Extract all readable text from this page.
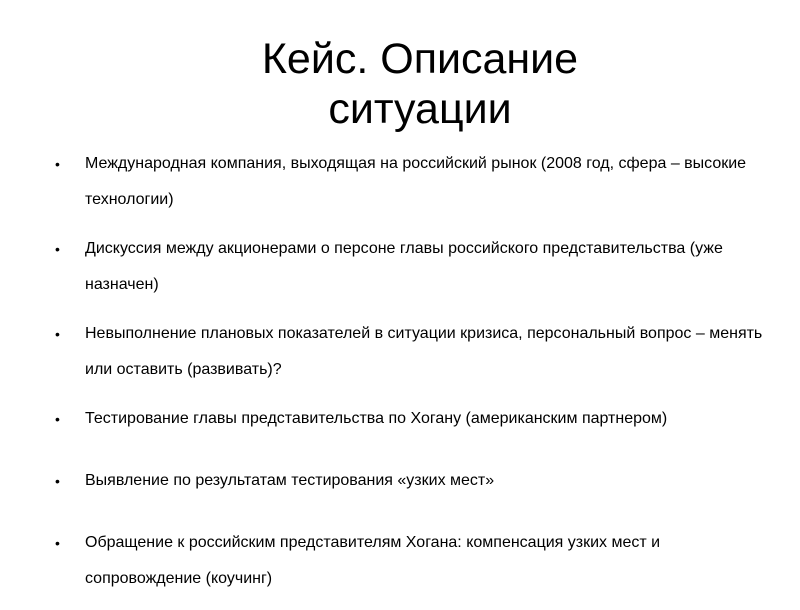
Кейс. Описание
ситуации
• Международная компания, выходящая на российский рынок (2008 год, сфера – высокие технологии)
• Дискуссия между акционерами о персоне главы российского представительства (уже назначен)
• Невыполнение плановых показателей в ситуации кризиса, персональный вопрос – менять или оставить (развивать)?
• Тестирование главы представительства по Хогану (американским партнером)
• Выявление по результатам тестирования «узких мест»
• Обращение к российским представителям Хогана: компенсация узких мест и сопровождение (коучинг)
